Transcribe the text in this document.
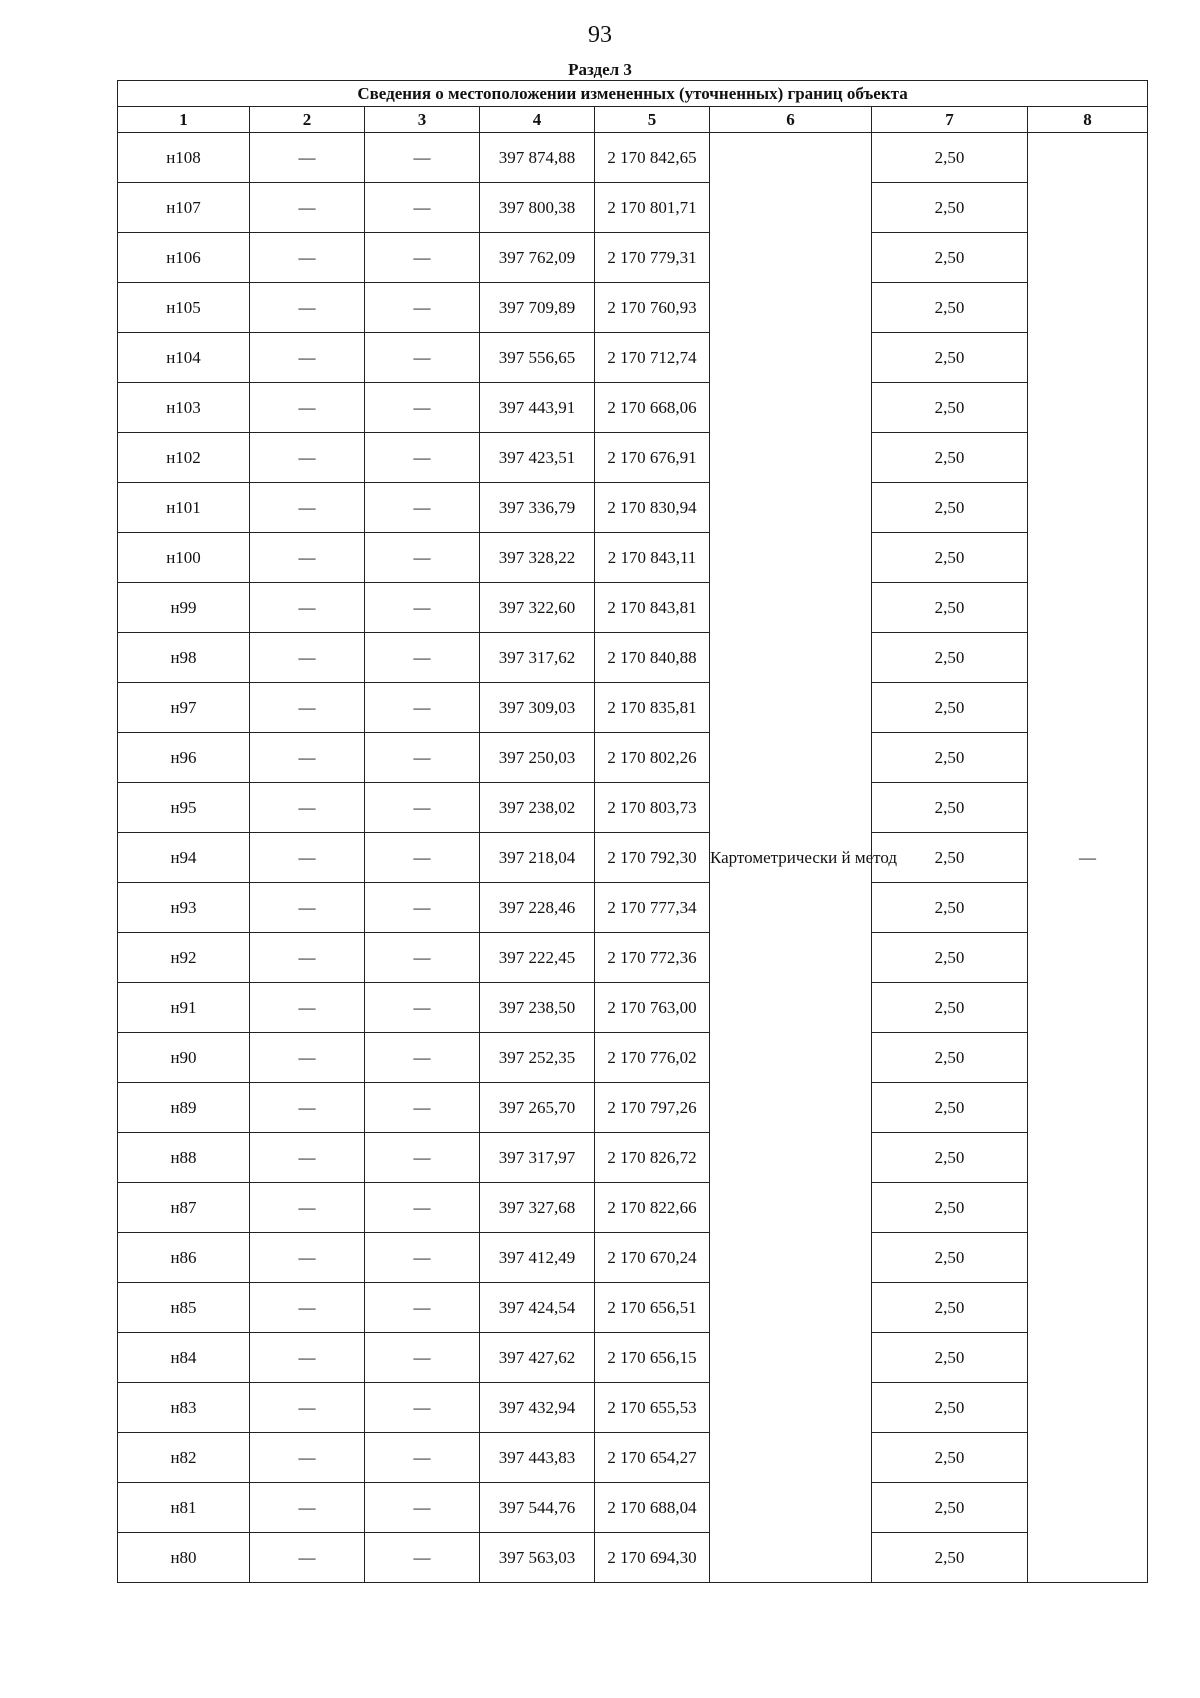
93
Раздел 3
Сведения о местоположении измененных (уточненных) границ объекта							
1	2	3	4	5	6	7	8
н108	—	—	397 874,88	2 170 842,65	Картометрически й метод	2,50	—
н107	—	—	397 800,38	2 170 801,71		2,50	
н106	—	—	397 762,09	2 170 779,31		2,50	
н105	—	—	397 709,89	2 170 760,93		2,50	
н104	—	—	397 556,65	2 170 712,74		2,50	
н103	—	—	397 443,91	2 170 668,06		2,50	
н102	—	—	397 423,51	2 170 676,91		2,50	
н101	—	—	397 336,79	2 170 830,94		2,50	
н100	—	—	397 328,22	2 170 843,11		2,50	
н99	—	—	397 322,60	2 170 843,81		2,50	
н98	—	—	397 317,62	2 170 840,88		2,50	
н97	—	—	397 309,03	2 170 835,81		2,50	
н96	—	—	397 250,03	2 170 802,26		2,50	
н95	—	—	397 238,02	2 170 803,73		2,50	
н94	—	—	397 218,04	2 170 792,30		2,50	
н93	—	—	397 228,46	2 170 777,34		2,50	
н92	—	—	397 222,45	2 170 772,36		2,50	
н91	—	—	397 238,50	2 170 763,00		2,50	
н90	—	—	397 252,35	2 170 776,02		2,50	
н89	—	—	397 265,70	2 170 797,26		2,50	
н88	—	—	397 317,97	2 170 826,72		2,50	
н87	—	—	397 327,68	2 170 822,66		2,50	
н86	—	—	397 412,49	2 170 670,24		2,50	
н85	—	—	397 424,54	2 170 656,51		2,50	
н84	—	—	397 427,62	2 170 656,15		2,50	
н83	—	—	397 432,94	2 170 655,53		2,50	
н82	—	—	397 443,83	2 170 654,27		2,50	
н81	—	—	397 544,76	2 170 688,04		2,50	
н80	—	—	397 563,03	2 170 694,30		2,50	
